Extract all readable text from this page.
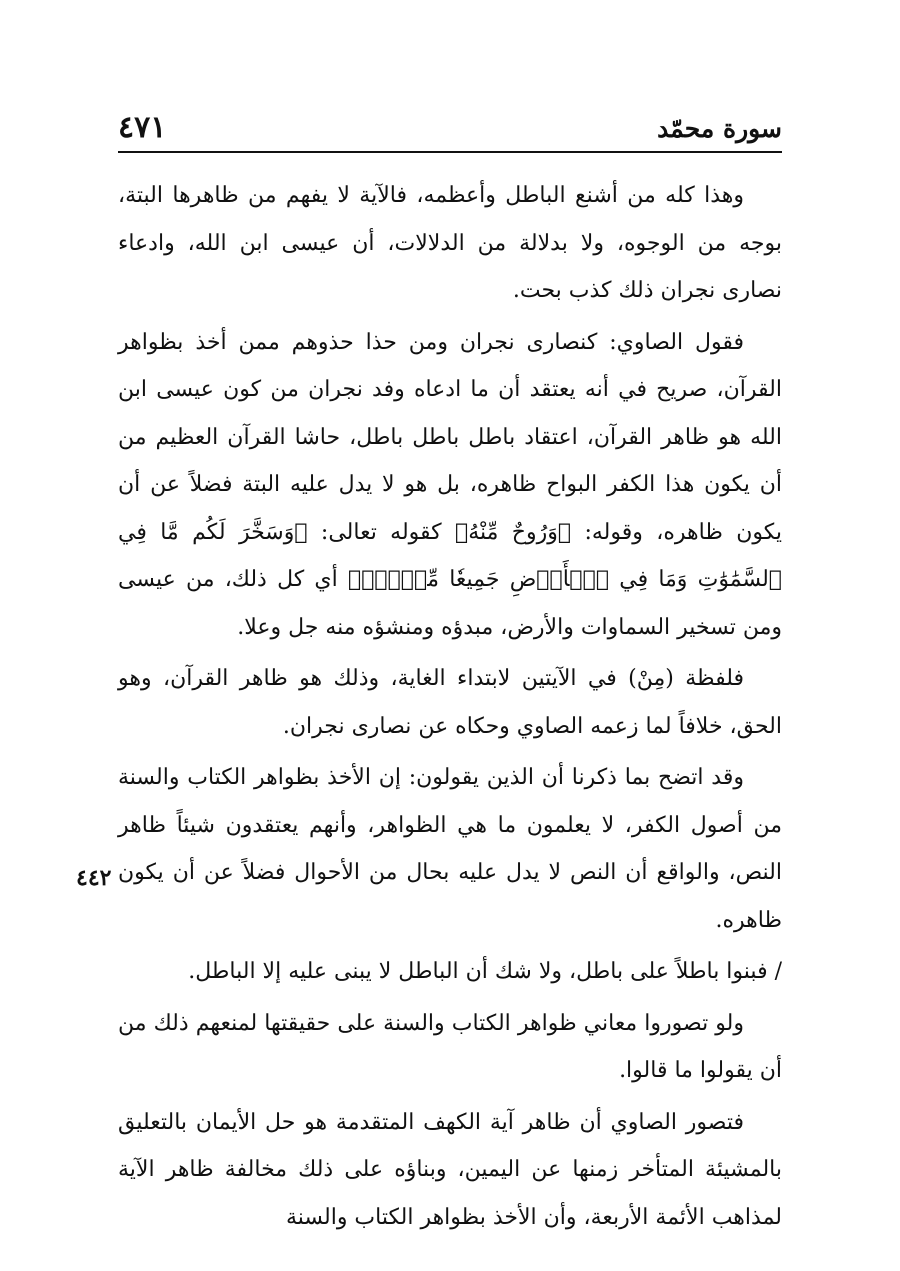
سورة محمّد
٤٧١

وهذا كله من أشنع الباطل وأعظمه، فالآية لا يفهم من ظاهرها البتة، بوجه من الوجوه، ولا بدلالة من الدلالات، أن عيسى ابن الله، وادعاء نصارى نجران ذلك كذب بحت.

فقول الصاوي: كنصارى نجران ومن حذا حذوهم ممن أخذ بظواهر القرآن، صريح في أنه يعتقد أن ما ادعاه وفد نجران من كون عيسى ابن الله هو ظاهر القرآن، اعتقاد باطل باطل باطل، حاشا القرآن العظيم من أن يكون هذا الكفر البواح ظاهره، بل هو لا يدل عليه البتة فضلاً عن أن يكون ظاهره، وقوله: ﴿وَرُوحٌ مِّنْهُ﴾ كقوله تعالى: ﴿وَسَخَّرَ لَكُم مَّا فِي ٱلسَّمَٰوَٰتِ وَمَا فِي ٱلۡأَرۡضِ جَمِيعٗا مِّنۡهُۚ﴾ أي كل ذلك، من عيسى ومن تسخير السماوات والأرض، مبدؤه ومنشؤه منه جل وعلا.

فلفظة (مِنْ) في الآيتين لابتداء الغاية، وذلك هو ظاهر القرآن، وهو الحق، خلافاً لما زعمه الصاوي وحكاه عن نصارى نجران.

وقد اتضح بما ذكرنا أن الذين يقولون: إن الأخذ بظواهر الكتاب والسنة من أصول الكفر، لا يعلمون ما هي الظواهر، وأنهم يعتقدون شيئاً ظاهر النص، والواقع أن النص لا يدل عليه بحال من الأحوال فضلاً عن أن يكون ظاهره.

/ فبنوا باطلاً على باطل، ولا شك أن الباطل لا يبنى عليه إلا الباطل.

ولو تصوروا معاني ظواهر الكتاب والسنة على حقيقتها لمنعهم ذلك من أن يقولوا ما قالوا.

فتصور الصاوي أن ظاهر آية الكهف المتقدمة هو حل الأيمان بالتعليق بالمشيئة المتأخر زمنها عن اليمين، وبناؤه على ذلك مخالفة ظاهر الآية لمذاهب الأئمة الأربعة، وأن الأخذ بظواهر الكتاب والسنة

٤٤٢
